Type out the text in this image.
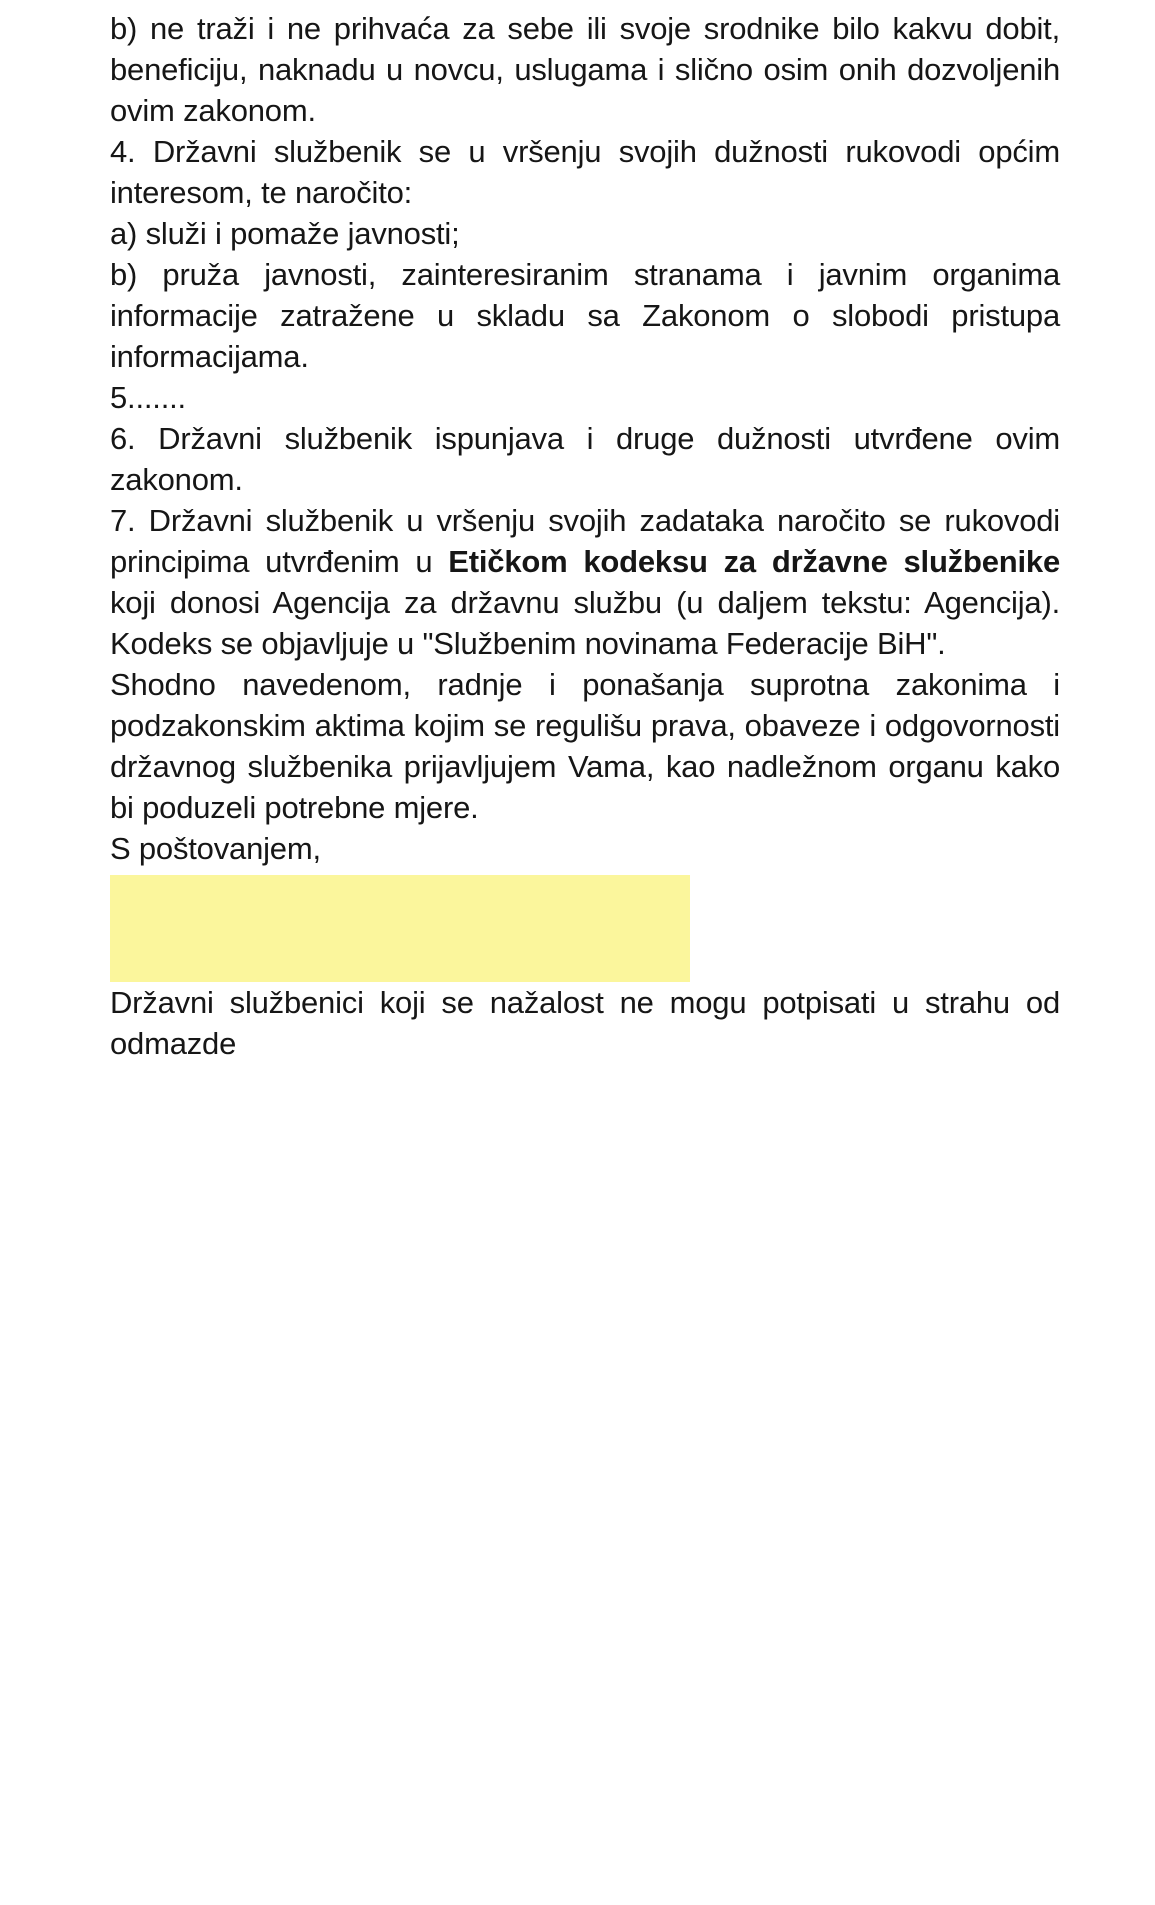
b) ne traži i ne prihvaća za sebe ili svoje srodnike bilo kakvu dobit, beneficiju, naknadu u novcu, uslugama i slično osim onih dozvoljenih ovim zakonom.

4. Državni službenik se u vršenju svojih dužnosti rukovodi općim interesom, te naročito:

a) služi i pomaže javnosti;

b) pruža javnosti, zainteresiranim stranama i javnim organima informacije zatražene u skladu sa Zakonom o slobodi pristupa informacijama.

5.......

6. Državni službenik ispunjava i druge dužnosti utvrđene ovim zakonom.

7. Državni službenik u vršenju svojih zadataka naročito se rukovodi principima utvrđenim u Etičkom kodeksu za državne službenike koji donosi Agencija za državnu službu (u daljem tekstu: Agencija). Kodeks se objavljuje u "Službenim novinama Federacije BiH".

Shodno navedenom, radnje i ponašanja suprotna zakonima i podzakonskim aktima kojim se regulišu prava, obaveze i odgovornosti državnog službenika prijavljujem Vama, kao nadležnom organu kako bi poduzeli potrebne mjere.

S poštovanjem,

Državni službenici koji se nažalost ne mogu potpisati u strahu od odmazde
